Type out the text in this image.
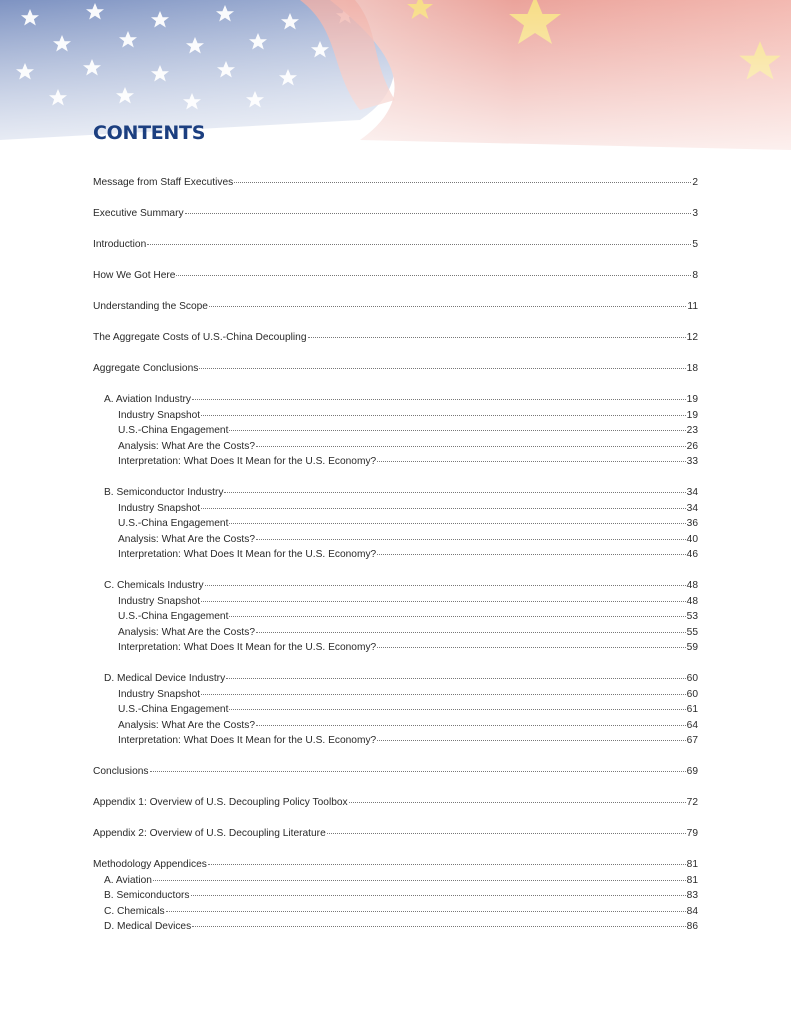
CONTENTS
Message from Staff Executives	2
Executive Summary	3
Introduction	5
How We Got Here	8
Understanding the Scope	11
The Aggregate Costs of U.S.-China Decoupling	12
Aggregate Conclusions	18
A. Aviation Industry	19
Industry Snapshot	19
U.S.-China Engagement	23
Analysis: What Are the Costs?	26
Interpretation: What Does It Mean for the U.S. Economy?	33
B. Semiconductor Industry	34
Industry Snapshot	34
U.S.-China Engagement	36
Analysis: What Are the Costs?	40
Interpretation: What Does It Mean for the U.S. Economy?	46
C. Chemicals Industry	48
Industry Snapshot	48
U.S.-China Engagement	53
Analysis: What Are the Costs?	55
Interpretation: What Does It Mean for the U.S. Economy?	59
D. Medical Device Industry	60
Industry Snapshot	60
U.S.-China Engagement	61
Analysis: What Are the Costs?	64
Interpretation: What Does It Mean for the U.S. Economy?	67
Conclusions	69
Appendix 1: Overview of U.S. Decoupling Policy Toolbox	72
Appendix 2: Overview of U.S. Decoupling Literature	79
Methodology Appendices	81
A. Aviation	81
B. Semiconductors	83
C. Chemicals	84
D. Medical Devices	86
